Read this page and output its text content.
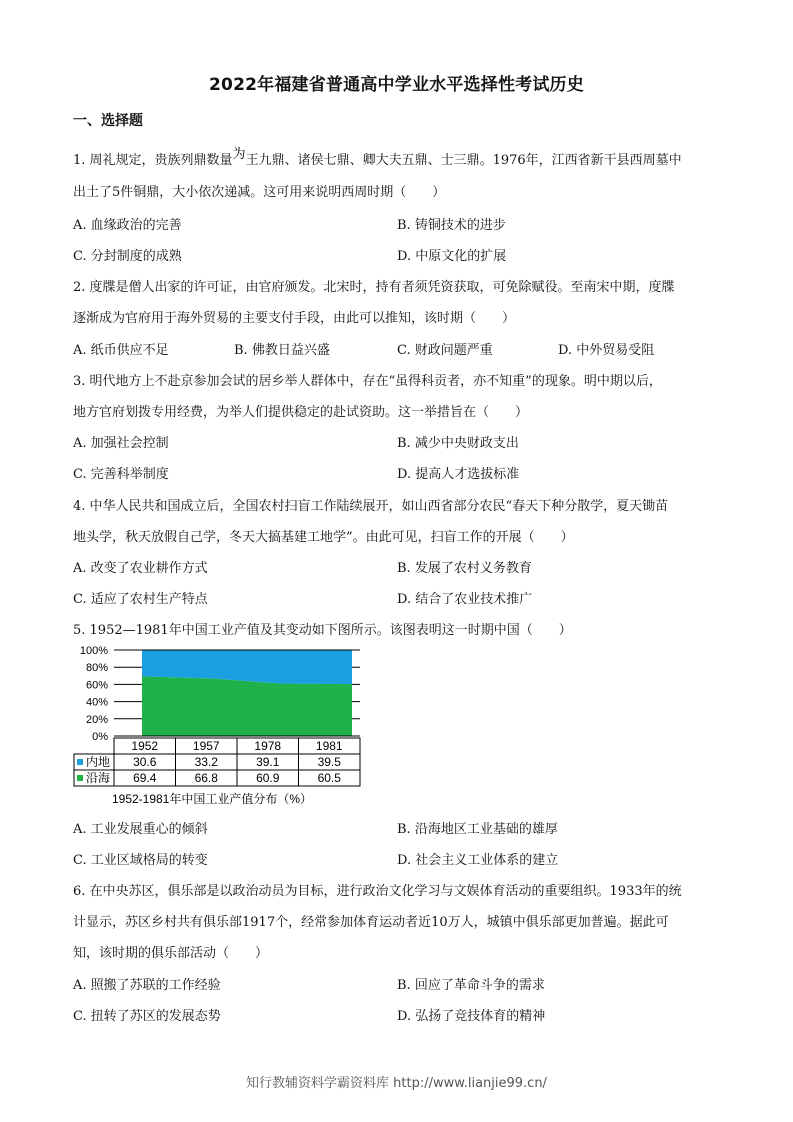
2022年福建省普通高中学业水平选择性考试历史
一、选择题
1. 周礼规定，贵族列鼎数量为王九鼎、诸侯七鼎、卿大夫五鼎、士三鼎。1976年，江西省新干县西周墓中
出土了5件铜鼎，大小依次递减。这可用来说明西周时期（　　）
A. 血缘政治的完善	B. 铸铜技术的进步
C. 分封制度的成熟	D. 中原文化的扩展
2. 度牒是僧人出家的许可证，由官府颁发。北宋时，持有者须凭资获取，可免除赋役。至南宋中期，度牒
逐渐成为官府用于海外贸易的主要支付手段，由此可以推知，该时期（　　）
A. 纸币供应不足	B. 佛教日益兴盛	C. 财政问题严重	D. 中外贸易受阻
3. 明代地方上不赴京参加会试的居乡举人群体中，存在“虽得科贡者，亦不知重”的现象。明中期以后，
地方官府划拨专用经费，为举人们提供稳定的赴试资助。这一举措旨在（　　）
A. 加强社会控制	B. 减少中央财政支出
C. 完善科举制度	D. 提高人才选拔标准
4. 中华人民共和国成立后，全国农村扫盲工作陆续展开，如山西省部分农民“春天下种分散学，夏天锄苗
地头学，秋天放假自己学，冬天大搞基建工地学”。由此可见，扫盲工作的开展（　　）
A. 改变了农业耕作方式	B. 发展了农村义务教育
C. 适应了农村生产特点	D. 结合了农业技术推广
5. 1952—1981年中国工业产值及其变动如下图所示。该图表明这一时期中国（　　）
100%
80%
60%
40%
20%
0%
1952	1957	1978	1981
内地 30.6	33.2	39.1	39.5
沿海 69.4	66.8	60.9	60.5
1952-1981年中国工业产值分布（%）
A. 工业发展重心的倾斜	B. 沿海地区工业基础的雄厚
C. 工业区域格局的转变	D. 社会主义工业体系的建立
6. 在中央苏区，俱乐部是以政治动员为目标，进行政治文化学习与文娱体育活动的重要组织。1933年的统
计显示，苏区乡村共有俱乐部1917个，经常参加体育运动者近10万人，城镇中俱乐部更加普遍。据此可
知，该时期的俱乐部活动（　　）
A. 照搬了苏联的工作经验	B. 回应了革命斗争的需求
C. 扭转了苏区的发展态势	D. 弘扬了竞技体育的精神
知行教辅资料学霸资料库 http://www.lianjie99.cn/
